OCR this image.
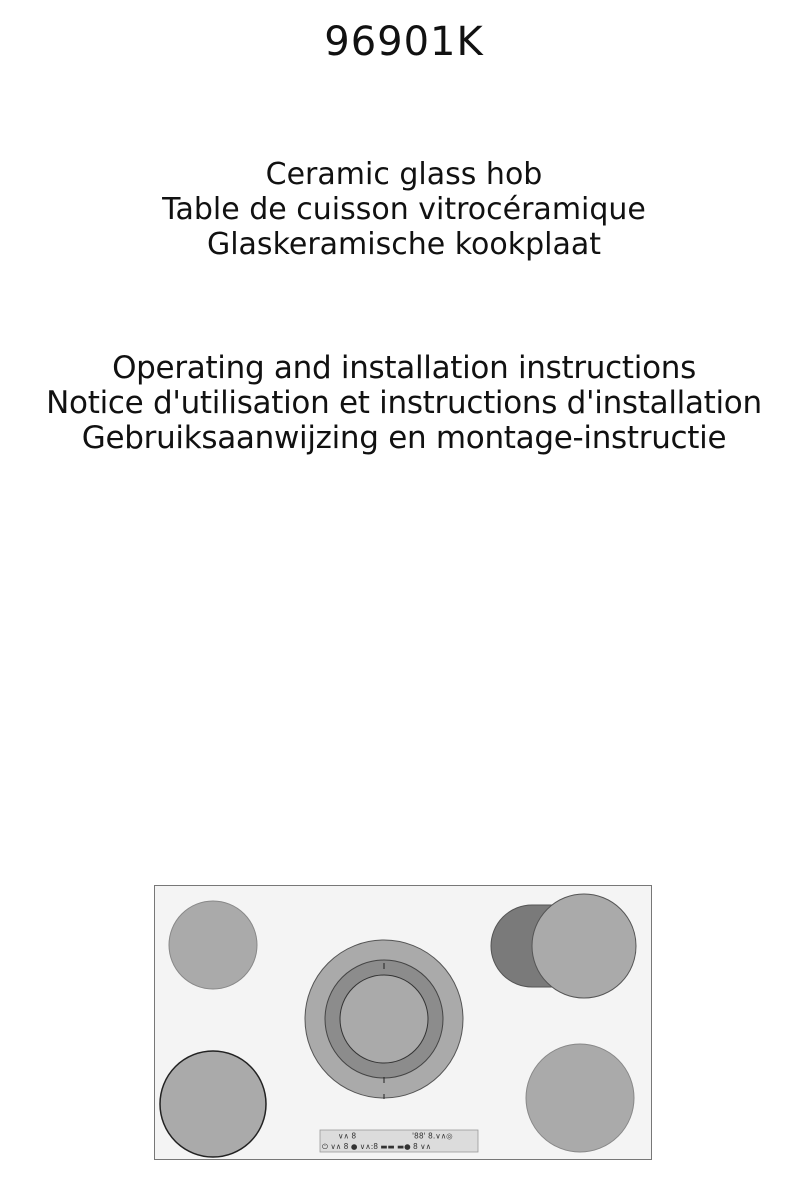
96901K
Ceramic glass hob
Table de cuisson vitrocéramique
Glaskeramische kookplaat
Operating and installation instructions
Notice d'utilisation et instructions d'installation
Gebruiksaanwijzing en montage-instructie
∨∧ 8	'88' 8.∨∧◎
⏻ ∨∧ 8 ● ∨∧:8 ▬▬ ▬● 8 ∨∧
